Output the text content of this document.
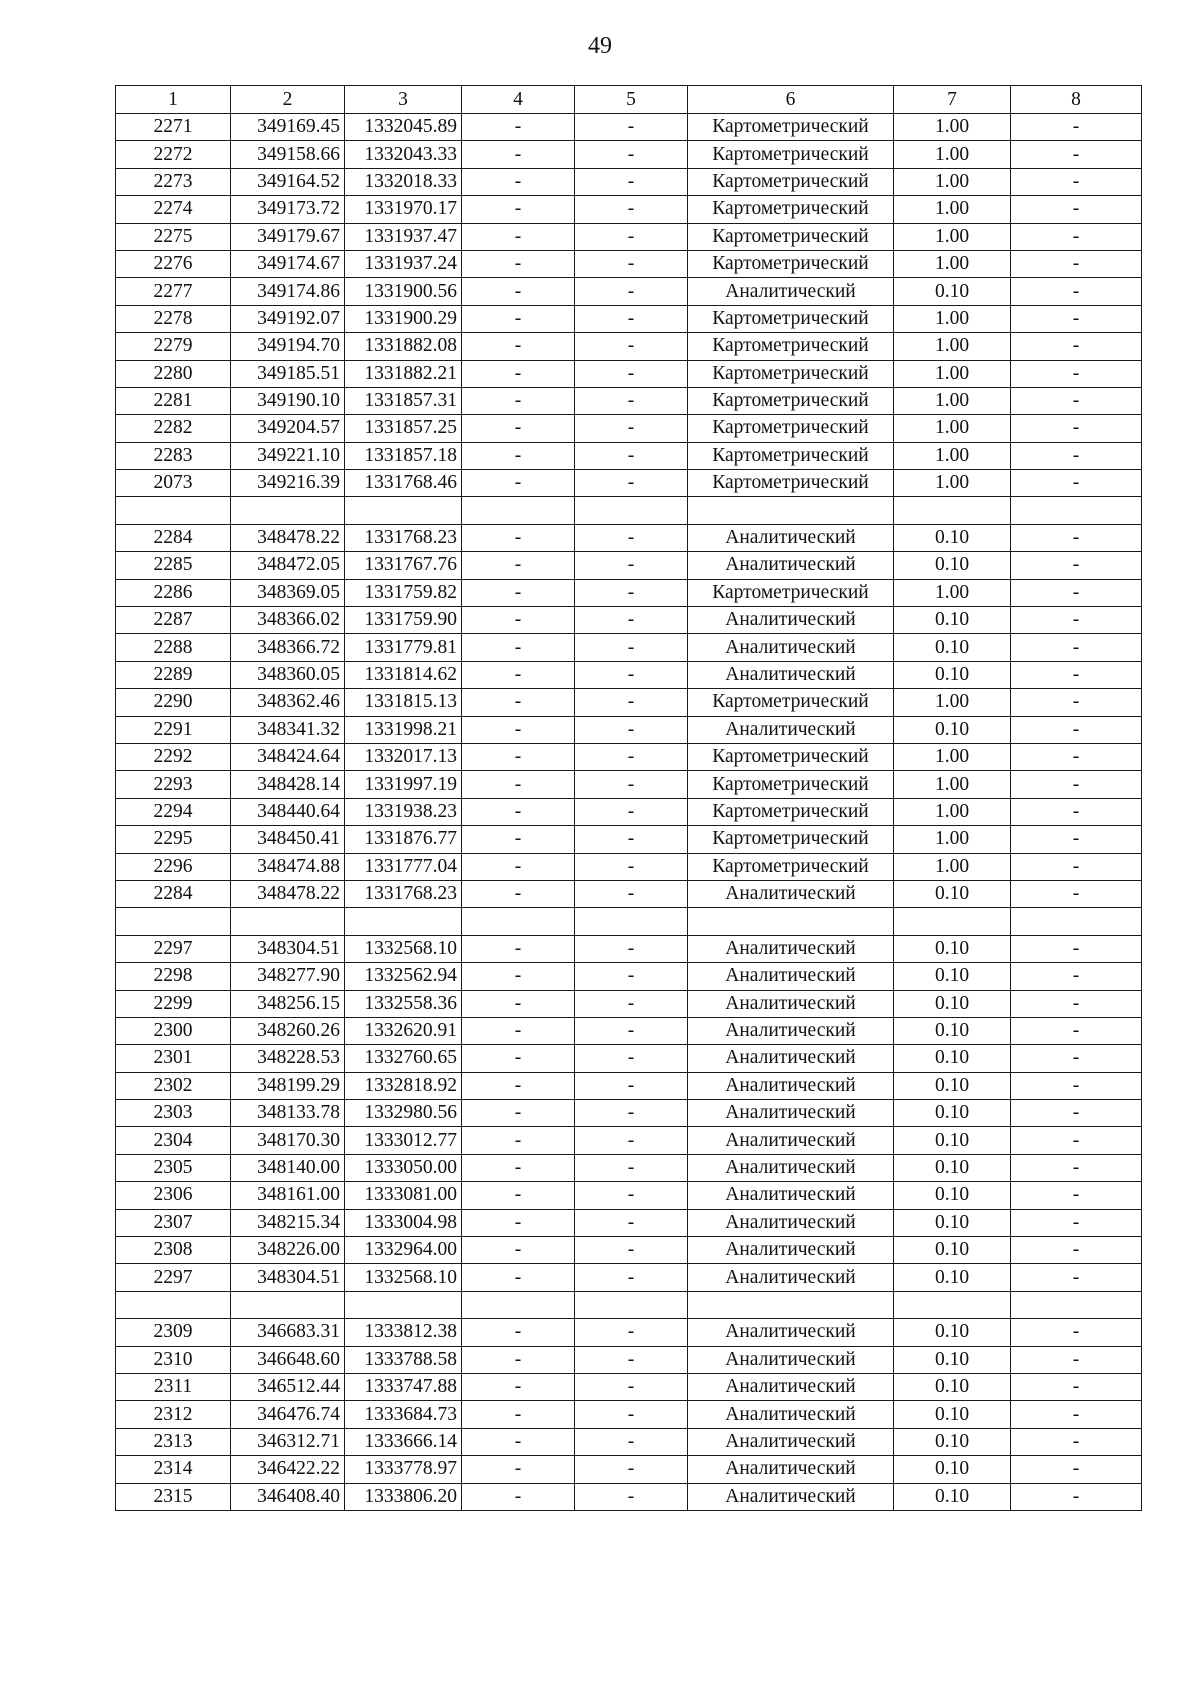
49
1	2	3	4	5	6	7	8
2271	349169.45	1332045.89	-	-	Картометрический	1.00	-
2272	349158.66	1332043.33	-	-	Картометрический	1.00	-
2273	349164.52	1332018.33	-	-	Картометрический	1.00	-
2274	349173.72	1331970.17	-	-	Картометрический	1.00	-
2275	349179.67	1331937.47	-	-	Картометрический	1.00	-
2276	349174.67	1331937.24	-	-	Картометрический	1.00	-
2277	349174.86	1331900.56	-	-	Аналитический	0.10	-
2278	349192.07	1331900.29	-	-	Картометрический	1.00	-
2279	349194.70	1331882.08	-	-	Картометрический	1.00	-
2280	349185.51	1331882.21	-	-	Картометрический	1.00	-
2281	349190.10	1331857.31	-	-	Картометрический	1.00	-
2282	349204.57	1331857.25	-	-	Картометрический	1.00	-
2283	349221.10	1331857.18	-	-	Картометрический	1.00	-
2073	349216.39	1331768.46	-	-	Картометрический	1.00	-

2284	348478.22	1331768.23	-	-	Аналитический	0.10	-
2285	348472.05	1331767.76	-	-	Аналитический	0.10	-
2286	348369.05	1331759.82	-	-	Картометрический	1.00	-
2287	348366.02	1331759.90	-	-	Аналитический	0.10	-
2288	348366.72	1331779.81	-	-	Аналитический	0.10	-
2289	348360.05	1331814.62	-	-	Аналитический	0.10	-
2290	348362.46	1331815.13	-	-	Картометрический	1.00	-
2291	348341.32	1331998.21	-	-	Аналитический	0.10	-
2292	348424.64	1332017.13	-	-	Картометрический	1.00	-
2293	348428.14	1331997.19	-	-	Картометрический	1.00	-
2294	348440.64	1331938.23	-	-	Картометрический	1.00	-
2295	348450.41	1331876.77	-	-	Картометрический	1.00	-
2296	348474.88	1331777.04	-	-	Картометрический	1.00	-
2284	348478.22	1331768.23	-	-	Аналитический	0.10	-

2297	348304.51	1332568.10	-	-	Аналитический	0.10	-
2298	348277.90	1332562.94	-	-	Аналитический	0.10	-
2299	348256.15	1332558.36	-	-	Аналитический	0.10	-
2300	348260.26	1332620.91	-	-	Аналитический	0.10	-
2301	348228.53	1332760.65	-	-	Аналитический	0.10	-
2302	348199.29	1332818.92	-	-	Аналитический	0.10	-
2303	348133.78	1332980.56	-	-	Аналитический	0.10	-
2304	348170.30	1333012.77	-	-	Аналитический	0.10	-
2305	348140.00	1333050.00	-	-	Аналитический	0.10	-
2306	348161.00	1333081.00	-	-	Аналитический	0.10	-
2307	348215.34	1333004.98	-	-	Аналитический	0.10	-
2308	348226.00	1332964.00	-	-	Аналитический	0.10	-
2297	348304.51	1332568.10	-	-	Аналитический	0.10	-

2309	346683.31	1333812.38	-	-	Аналитический	0.10	-
2310	346648.60	1333788.58	-	-	Аналитический	0.10	-
2311	346512.44	1333747.88	-	-	Аналитический	0.10	-
2312	346476.74	1333684.73	-	-	Аналитический	0.10	-
2313	346312.71	1333666.14	-	-	Аналитический	0.10	-
2314	346422.22	1333778.97	-	-	Аналитический	0.10	-
2315	346408.40	1333806.20	-	-	Аналитический	0.10	-
